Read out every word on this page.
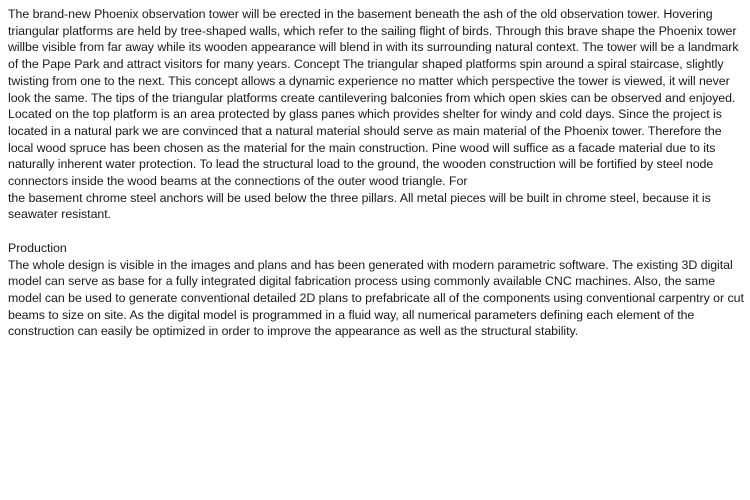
The brand-new Phoenix observation tower will be erected in the basement beneath the ash of the old observation tower. Hovering triangular platforms are held by tree-shaped walls, which refer to the sailing flight of birds. Through this brave shape the Phoenix tower willbe visible from far away while its wooden appearance will blend in with its surrounding natural context. The tower will be a landmark of the Pape Park and attract visitors for many years. Concept The triangular shaped platforms spin around a spiral staircase, slightly twisting from one to the next. This concept allows a dynamic experience no matter which perspective the tower is viewed, it will never look the same. The tips of the triangular platforms create cantilevering balconies from which open skies can be observed and enjoyed. Located on the top platform is an area protected by glass panes which provides shelter for windy and cold days. Since the project is located in a natural park we are convinced that a natural material should serve as main material of the Phoenix tower. Therefore the local wood spruce has been chosen as the material for the main construction. Pine wood will suffice as a facade material due to its naturally inherent water protection. To lead the structural load to the ground, the wooden construction will be fortified by steel node connectors inside the wood beams at the connections of the outer wood triangle. For

the basement chrome steel anchors will be used below the three pillars. All metal pieces will be built in chrome steel, because it is seawater resistant.

Production

The whole design is visible in the images and plans and has been generated with modern parametric software. The existing 3D digital model can serve as base for a fully integrated digital fabrication process using commonly available CNC machines. Also, the same model can be used to generate conventional detailed 2D plans to prefabricate all of the components using conventional carpentry or cut beams to size on site. As the digital model is programmed in a fluid way, all numerical parameters defining each element of the construction can easily be optimized in order to improve the appearance as well as the structural stability.
